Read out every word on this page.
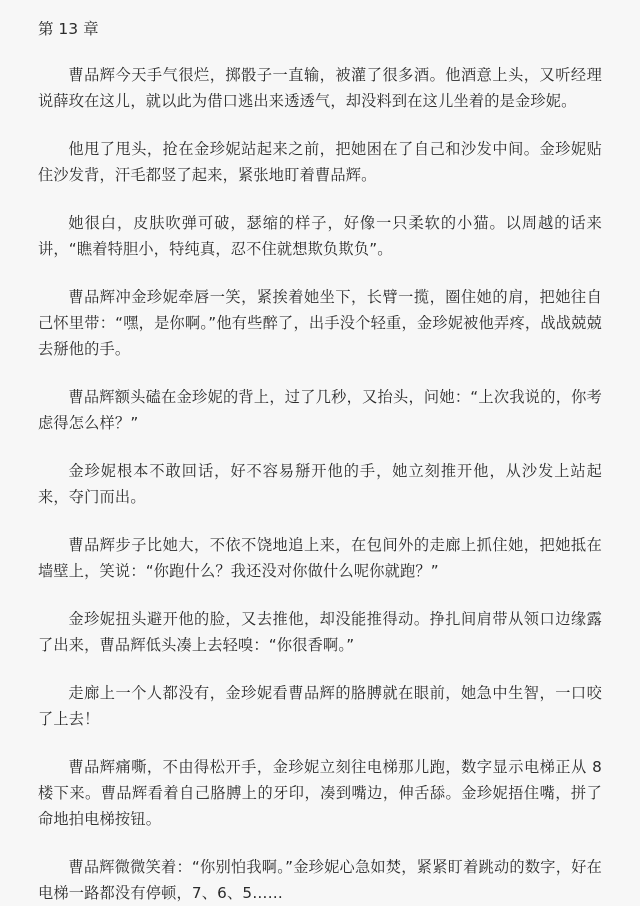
第 13 章

曹品辉今天手气很烂，掷骰子一直输，被灌了很多酒。他酒意上头，又听经理说薛玫在这儿，就以此为借口逃出来透透气，却没料到在这儿坐着的是金珍妮。

他甩了甩头，抢在金珍妮站起来之前，把她困在了自己和沙发中间。金珍妮贴住沙发背，汗毛都竖了起来，紧张地盯着曹品辉。

她很白，皮肤吹弹可破，瑟缩的样子，好像一只柔软的小猫。以周越的话来讲，“瞧着特胆小，特纯真，忍不住就想欺负欺负”。

曹品辉冲金珍妮牵唇一笑，紧挨着她坐下，长臂一揽，圈住她的肩，把她往自己怀里带：“嘿，是你啊。”他有些醉了，出手没个轻重，金珍妮被他弄疼，战战兢兢去掰他的手。

曹品辉额头磕在金珍妮的背上，过了几秒，又抬头，问她：“上次我说的，你考虑得怎么样？”

金珍妮根本不敢回话，好不容易掰开他的手，她立刻推开他，从沙发上站起来，夺门而出。

曹品辉步子比她大，不依不饶地追上来，在包间外的走廊上抓住她，把她抵在墙壁上，笑说：“你跑什么？我还没对你做什么呢你就跑？”

金珍妮扭头避开他的脸，又去推他，却没能推得动。挣扎间肩带从领口边缘露了出来，曹品辉低头凑上去轻嗅：“你很香啊。”

走廊上一个人都没有，金珍妮看曹品辉的胳膊就在眼前，她急中生智，一口咬了上去！

曹品辉痛嘶，不由得松开手，金珍妮立刻往电梯那儿跑，数字显示电梯正从 8 楼下来。曹品辉看着自己胳膊上的牙印，凑到嘴边，伸舌舔。金珍妮捂住嘴，拼了命地拍电梯按钮。

曹品辉微微笑着：“你别怕我啊。”金珍妮心急如焚，紧紧盯着跳动的数字，好在电梯一路都没有停顿，7、6、5……
